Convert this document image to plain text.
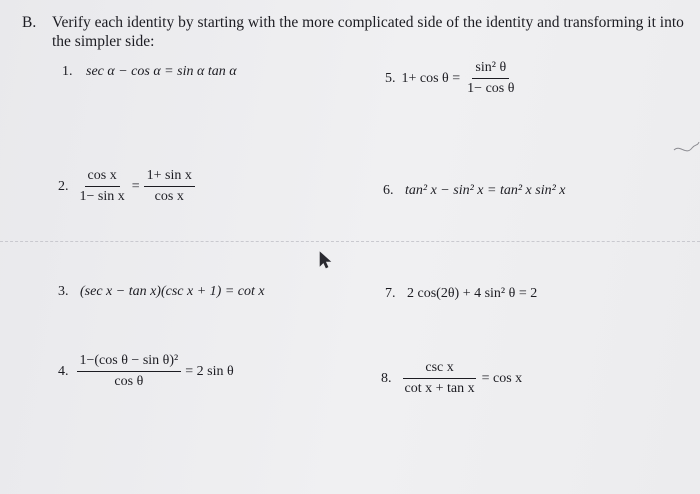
B. Verify each identity by starting with the more complicated side of the identity and transforming it into
the simpler side:
1. sec α − cos α = sin α tan α	5. $1+ \cos \theta = \frac{\text{sin² θ}}{\text{1− cos θ}}$
2. $\frac{\text{cos x}}{\text{1− sin x}} = \frac{\text{1+ sin x}}{\text{cos x}}$	6. tan² x − sin² x = tan² x sin² x
3. (sec x − tan x)(csc x + 1) = cot x	7. 2 cos(2θ) + 4 sin² θ = 2
4. $\frac{\text{1−(cos θ − sin θ)²}}{\text{cos θ}} = 2$ sin θ	8. $\frac{\text{csc x}}{\text{cot x + tan x}} = \cos x$
